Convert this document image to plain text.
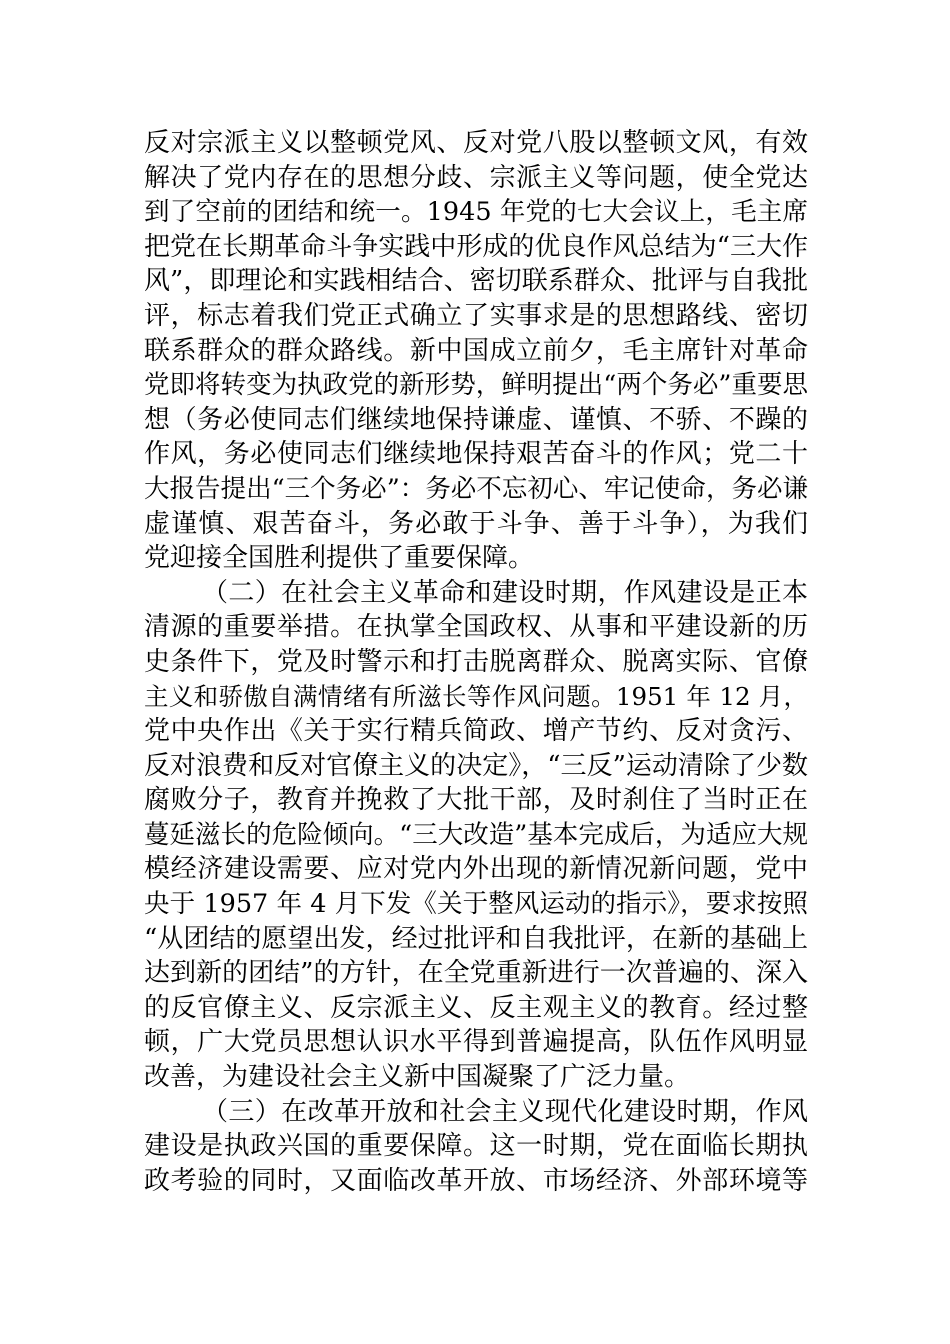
反对宗派主义以整顿党风、反对党八股以整顿文风，有效
解决了党内存在的思想分歧、宗派主义等问题，使全党达
到了空前的团结和统一。1945 年党的七大会议上，毛主席
把党在长期革命斗争实践中形成的优良作风总结为“三大作
风”，即理论和实践相结合、密切联系群众、批评与自我批
评，标志着我们党正式确立了实事求是的思想路线、密切
联系群众的群众路线。新中国成立前夕，毛主席针对革命
党即将转变为执政党的新形势，鲜明提出“两个务必”重要思
想（务必使同志们继续地保持谦虚、谨慎、不骄、不躁的
作风，务必使同志们继续地保持艰苦奋斗的作风；党二十
大报告提出“三个务必”：务必不忘初心、牢记使命，务必谦
虚谨慎、艰苦奋斗，务必敢于斗争、善于斗争），为我们
党迎接全国胜利提供了重要保障。
（二）在社会主义革命和建设时期，作风建设是正本
清源的重要举措。在执掌全国政权、从事和平建设新的历
史条件下，党及时警示和打击脱离群众、脱离实际、官僚
主义和骄傲自满情绪有所滋长等作风问题。1951 年 12 月，
党中央作出《关于实行精兵简政、增产节约、反对贪污、
反对浪费和反对官僚主义的决定》，“三反”运动清除了少数
腐败分子，教育并挽救了大批干部，及时刹住了当时正在
蔓延滋长的危险倾向。“三大改造”基本完成后，为适应大规
模经济建设需要、应对党内外出现的新情况新问题，党中
央于 1957 年 4 月下发《关于整风运动的指示》，要求按照
“从团结的愿望出发，经过批评和自我批评，在新的基础上
达到新的团结”的方针，在全党重新进行一次普遍的、深入
的反官僚主义、反宗派主义、反主观主义的教育。经过整
顿，广大党员思想认识水平得到普遍提高，队伍作风明显
改善，为建设社会主义新中国凝聚了广泛力量。
（三）在改革开放和社会主义现代化建设时期，作风
建设是执政兴国的重要保障。这一时期，党在面临长期执
政考验的同时，又面临改革开放、市场经济、外部环境等
